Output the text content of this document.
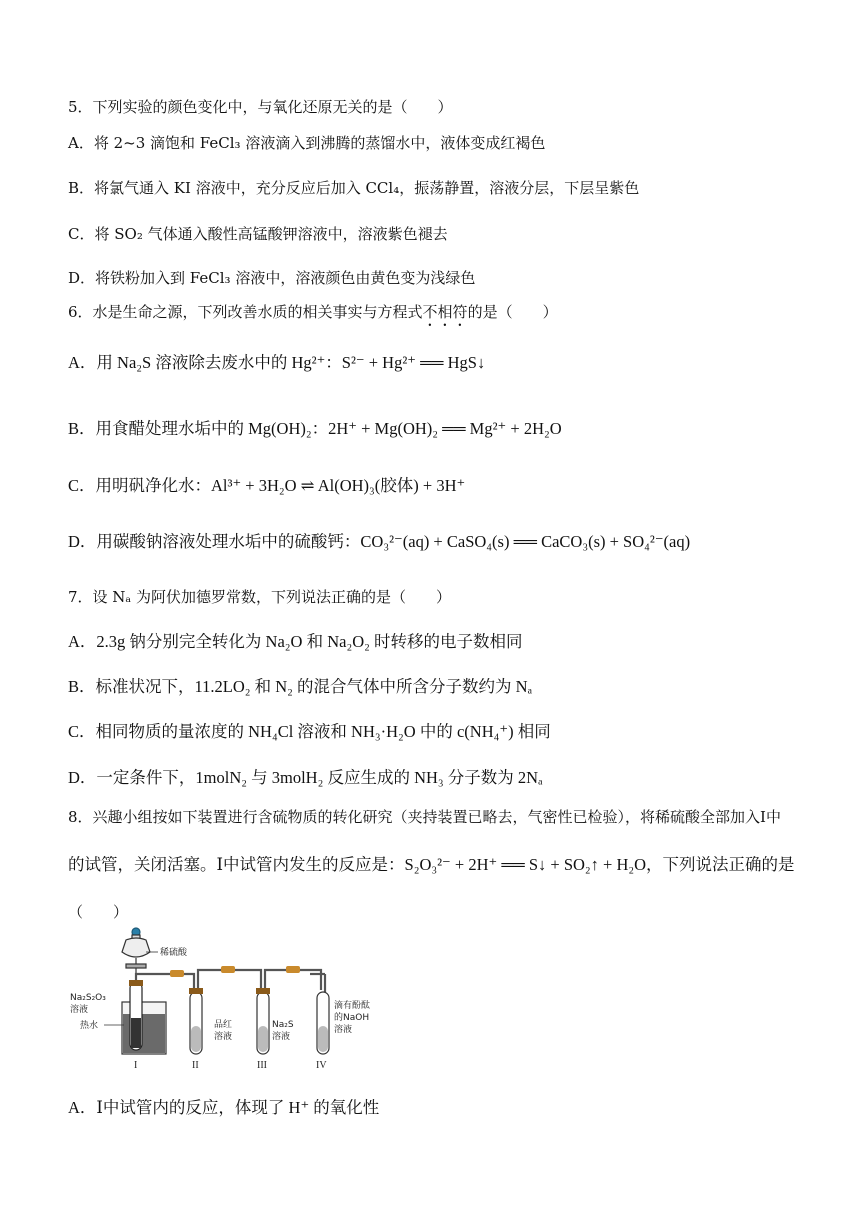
5．下列实验的颜色变化中，与氧化还原无关的是（　　）
A．将 2~3 滴饱和 FeCl₃ 溶液滴入到沸腾的蒸馏水中，液体变成红褐色
B．将氯气通入 KI 溶液中，充分反应后加入 CCl₄，振荡静置，溶液分层，下层呈紫色
C．将 SO₂ 气体通入酸性高锰酸钾溶液中，溶液紫色褪去
D．将铁粉加入到 FeCl₃ 溶液中，溶液颜色由黄色变为浅绿色
6．水是生命之源，下列改善水质的相关事实与方程式不相符的是（　　）
A．用 Na₂S 溶液除去废水中的 Hg²⁺：S²⁻ + Hg²⁺ ══ HgS↓
B．用食醋处理水垢中的 Mg(OH)₂：2H⁺ + Mg(OH)₂ ══ Mg²⁺ + 2H₂O
C．用明矾净化水：Al³⁺ + 3H₂O ⇌ Al(OH)₃(胶体) + 3H⁺
D．用碳酸钠溶液处理水垢中的硫酸钙：CO₃²⁻(aq) + CaSO₄(s) ══ CaCO₃(s) + SO₄²⁻(aq)
7．设 Nₐ 为阿伏加德罗常数，下列说法正确的是（　　）
A．2.3g 钠分别完全转化为 Na₂O 和 Na₂O₂ 时转移的电子数相同
B．标准状况下，11.2LO₂ 和 N₂ 的混合气体中所含分子数约为 Nₐ
C．相同物质的量浓度的 NH₄Cl 溶液和 NH₃·H₂O 中的 c(NH₄⁺) 相同
D．一定条件下，1molN₂ 与 3molH₂ 反应生成的 NH₃ 分子数为 2Nₐ
8．兴趣小组按如下装置进行含硫物质的转化研究（夹持装置已略去，气密性已检验），将稀硫酸全部加入Ⅰ中
的试管，关闭活塞。Ⅰ中试管内发生的反应是：S₂O₃²⁻ + 2H⁺ ══ S↓ + SO₂↑ + H₂O，下列说法正确的是
（　　）
稀硫酸
Na₂S₂O₃
溶液
热水
I
品红
溶液
II
Na₂S
溶液
III
滴有酚酞
的NaOH
溶液
IV
A．Ⅰ中试管内的反应，体现了 H⁺ 的氧化性
